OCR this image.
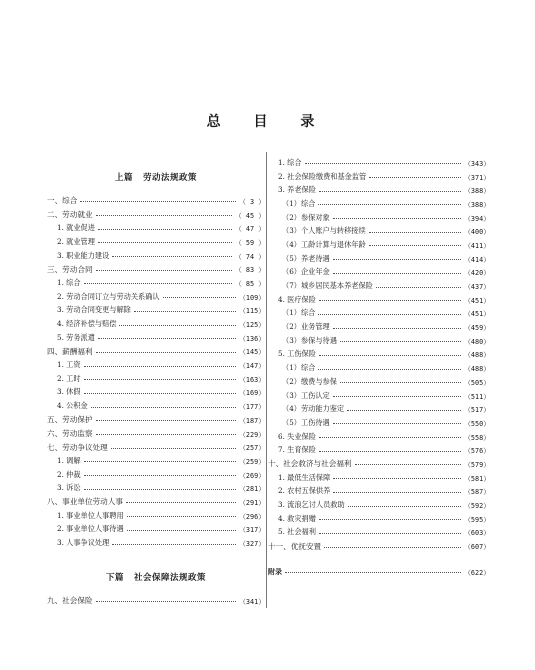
总 目 录
上篇 劳动法规政策
一、综合	（ 3 ）
二、劳动就业	（ 45 ）
1. 就业促进	（ 47 ）
2. 就业管理	（ 59 ）
3. 职业能力建设	（ 74 ）
三、劳动合同	（ 83 ）
1. 综合	（ 85 ）
2. 劳动合同订立与劳动关系确认	（109）
3. 劳动合同变更与解除	（115）
4. 经济补偿与赔偿	（125）
5. 劳务派遣	（136）
四、薪酬福利	（145）
1. 工资	（147）
2. 工时	（163）
3. 休假	（169）
4. 公积金	（177）
五、劳动保护	（187）
六、劳动监察	（229）
七、劳动争议处理	（257）
1. 调解	（259）
2. 仲裁	（269）
3. 诉讼	（281）
八、事业单位劳动人事	（291）
1. 事业单位人事聘用	（296）
2. 事业单位人事待遇	（317）
3. 人事争议处理	（327）
下篇 社会保障法规政策
九、社会保险	（341）
1. 综合	（343）
2. 社会保险缴费和基金监管	（371）
3. 养老保险	（388）
（1）综合	（388）
（2）参保对象	（394）
（3）个人账户与转移接续	（400）
（4）工龄计算与退休年龄	（411）
（5）养老待遇	（414）
（6）企业年金	（420）
（7）城乡居民基本养老保险	（437）
4. 医疗保险	（451）
（1）综合	（451）
（2）业务管理	（459）
（3）参保与待遇	（480）
5. 工伤保险	（488）
（1）综合	（488）
（2）缴费与参保	（505）
（3）工伤认定	（511）
（4）劳动能力鉴定	（517）
（5）工伤待遇	（550）
6. 失业保险	（558）
7. 生育保险	（576）
十、社会救济与社会福利	（579）
1. 最低生活保障	（581）
2. 农村五保供养	（587）
3. 流浪乞讨人员救助	（592）
4. 救灾捐赠	（595）
5. 社会福利	（603）
十一、优抚安置	（607）
附录	（622）
